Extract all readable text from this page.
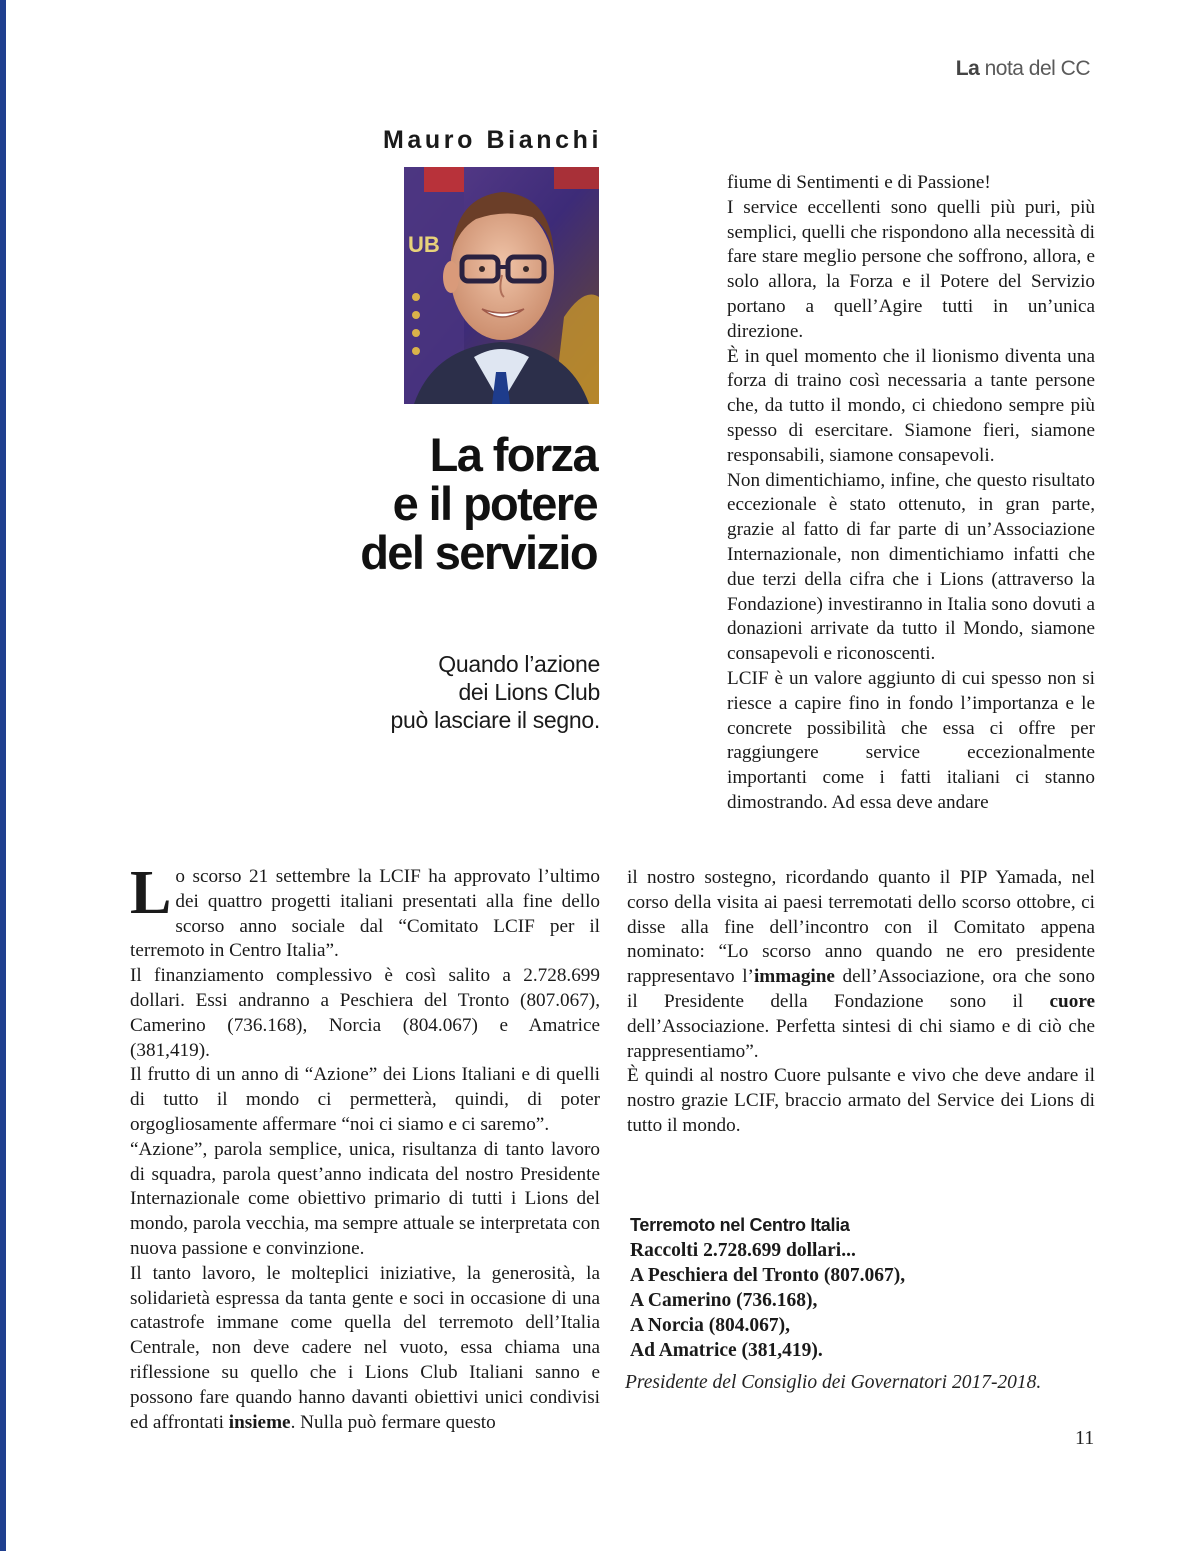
La nota del CC
Mauro Bianchi
UB
La forza
e il potere
del servizio
Quando l’azione
dei Lions Club
può lasciare il segno.

Lo scorso 21 settembre la LCIF ha approvato l’ultimo dei quattro progetti italiani presentati alla fine dello scorso anno sociale dal “Comitato LCIF per il terremoto in Centro Italia”.

Il finanziamento complessivo è così salito a 2.728.699 dollari. Essi andranno a Peschiera del Tronto (807.067), Camerino (736.168), Norcia (804.067) e Amatrice (381,419).

Il frutto di un anno di “Azione” dei Lions Italiani e di quelli di tutto il mondo ci permetterà, quindi, di poter orgogliosamente affermare “noi ci siamo e ci saremo”.

“Azione”, parola semplice, unica, risultanza di tanto lavoro di squadra, parola quest’anno indicata del nostro Presidente Internazionale come obiettivo primario di tutti i Lions del mondo, parola vecchia, ma sempre attuale se interpretata con nuova passione e convinzione.

Il tanto lavoro, le molteplici iniziative, la generosità, la solidarietà espressa da tanta gente e soci in occasione di una catastrofe immane come quella del terremoto dell’Italia Centrale, non deve cadere nel vuoto, essa chiama una riflessione su quello che i Lions Club Italiani sanno e possono fare quando hanno davanti obiettivi unici condivisi ed affrontati insieme. Nulla può fermare questo

fiume di Sentimenti e di Passione!

I service eccellenti sono quelli più puri, più semplici, quelli che rispondono alla necessità di fare stare meglio persone che soffrono, allora, e solo allora, la Forza e il Potere del Servizio portano a quell’Agire tutti in un’unica direzione.

È in quel momento che il lionismo diventa una forza di traino così necessaria a tante persone che, da tutto il mondo, ci chiedono sempre più spesso di esercitare. Siamone fieri, siamone responsabili, siamone consapevoli.

Non dimentichiamo, infine, che questo risultato eccezionale è stato ottenuto, in gran parte, grazie al fatto di far parte di un’Associazione Internazionale, non dimentichiamo infatti che due terzi della cifra che i Lions (attraverso la Fondazione) investiranno in Italia sono dovuti a donazioni arrivate da tutto il Mondo, siamone consapevoli e riconoscenti.

LCIF è un valore aggiunto di cui spesso non si riesce a capire fino in fondo l’importanza e le concrete possibilità che essa ci offre per raggiungere service eccezionalmente importanti come i fatti italiani ci stanno dimostrando. Ad essa deve andare

il nostro sostegno, ricordando quanto il PIP Yamada, nel corso della visita ai paesi terremotati dello scorso ottobre, ci disse alla fine dell’incontro con il Comitato appena nominato: “Lo scorso anno quando ne ero presidente rappresentavo l’immagine dell’Associazione, ora che sono il Presidente della Fondazione sono il cuore dell’Associazione. Perfetta sintesi di chi siamo e di ciò che rappresentiamo”.

È quindi al nostro Cuore pulsante e vivo che deve andare il nostro grazie LCIF, braccio armato del Service dei Lions di tutto il mondo.

Terremoto nel Centro Italia
Raccolti 2.728.699 dollari...
A Peschiera del Tronto (807.067),
A Camerino (736.168),
A Norcia (804.067),
Ad Amatrice (381,419).
Presidente del Consiglio dei Governatori 2017-2018.
11
